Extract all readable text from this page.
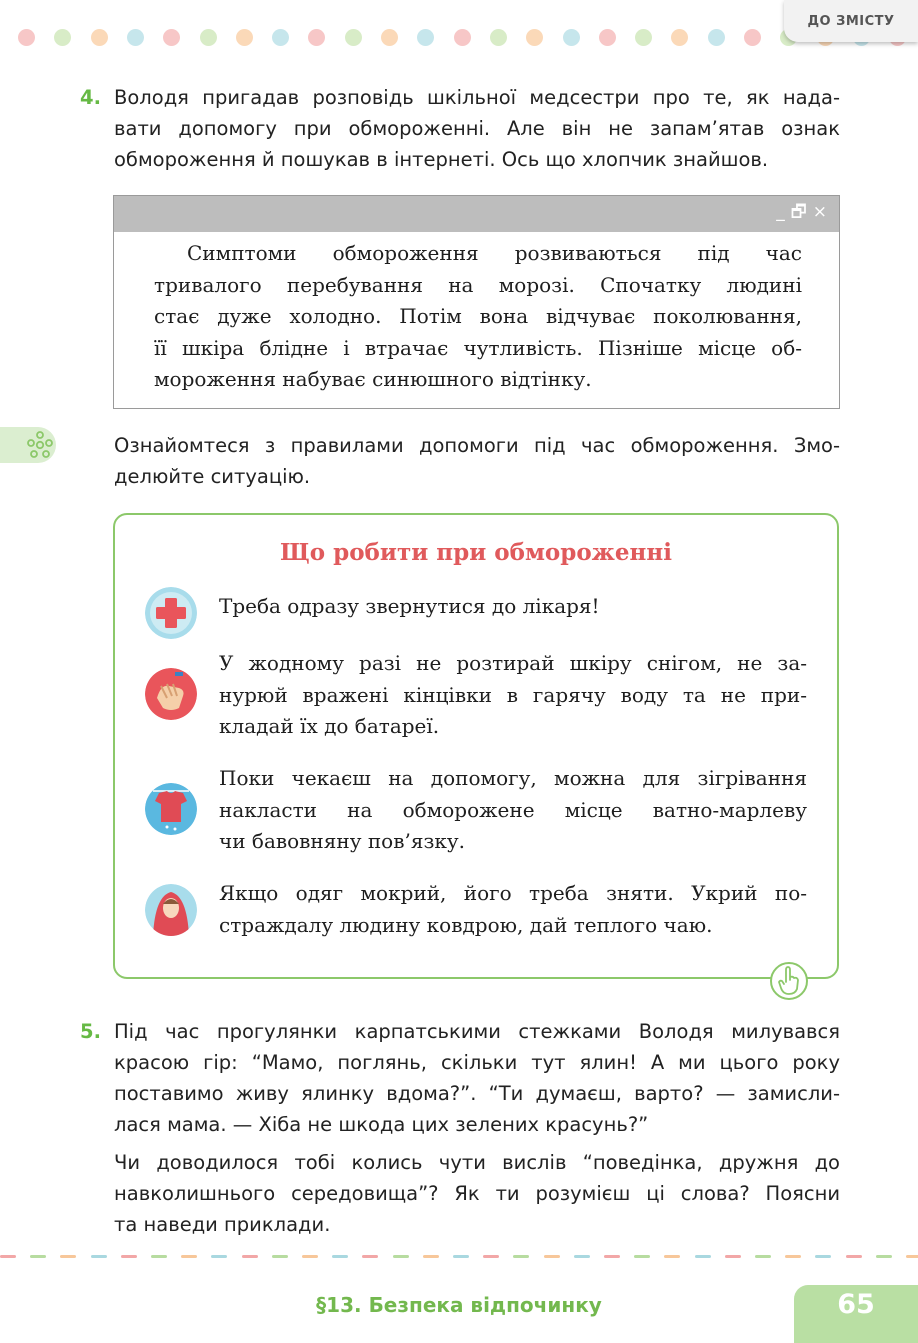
ДО ЗМІСТУ
4. Володя пригадав розповідь шкільної медсестри про те, як нада-
вати допомогу при обмороженні. Але він не запам’ятав ознак
обмороження й пошукав в інтернеті. Ось що хлопчик знайшов.
_ 🗗 ×
Симптоми обмороження розвиваються під час
тривалого перебування на морозі. Спочатку людині
стає дуже холодно. Потім вона відчуває поколювання,
її шкіра блідне і втрачає чутливість. Пізніше місце об-
мороження набуває синюшного відтінку.
Ознайомтеся з правилами допомоги під час обмороження. Змо-
делюйте ситуацію.
Що робити при обмороженні
Треба одразу звернутися до лікаря!
У жодному разі не розтирай шкіру снігом, не за-
нурюй вражені кінцівки в гарячу воду та не при-
кладай їх до батареї.
Поки чекаєш на допомогу, можна для зігрівання
накласти на обморожене місце ватно-марлеву
чи бавовняну пов’язку.
Якщо одяг мокрий, його треба зняти. Укрий по-
страждалу людину ковдрою, дай теплого чаю.
5. Під час прогулянки карпатськими стежками Володя милувався
красою гір: “Мамо, поглянь, скільки тут ялин! А ми цього року
поставимо живу ялинку вдома?”. “Ти думаєш, варто? — замисли-
лася мама. — Хіба не шкода цих зелених красунь?”
Чи доводилося тобі колись чути вислів “поведінка, дружня до
навколишнього середовища”? Як ти розумієш ці слова? Поясни
та наведи приклади.
§13. Безпека відпочинку	65
